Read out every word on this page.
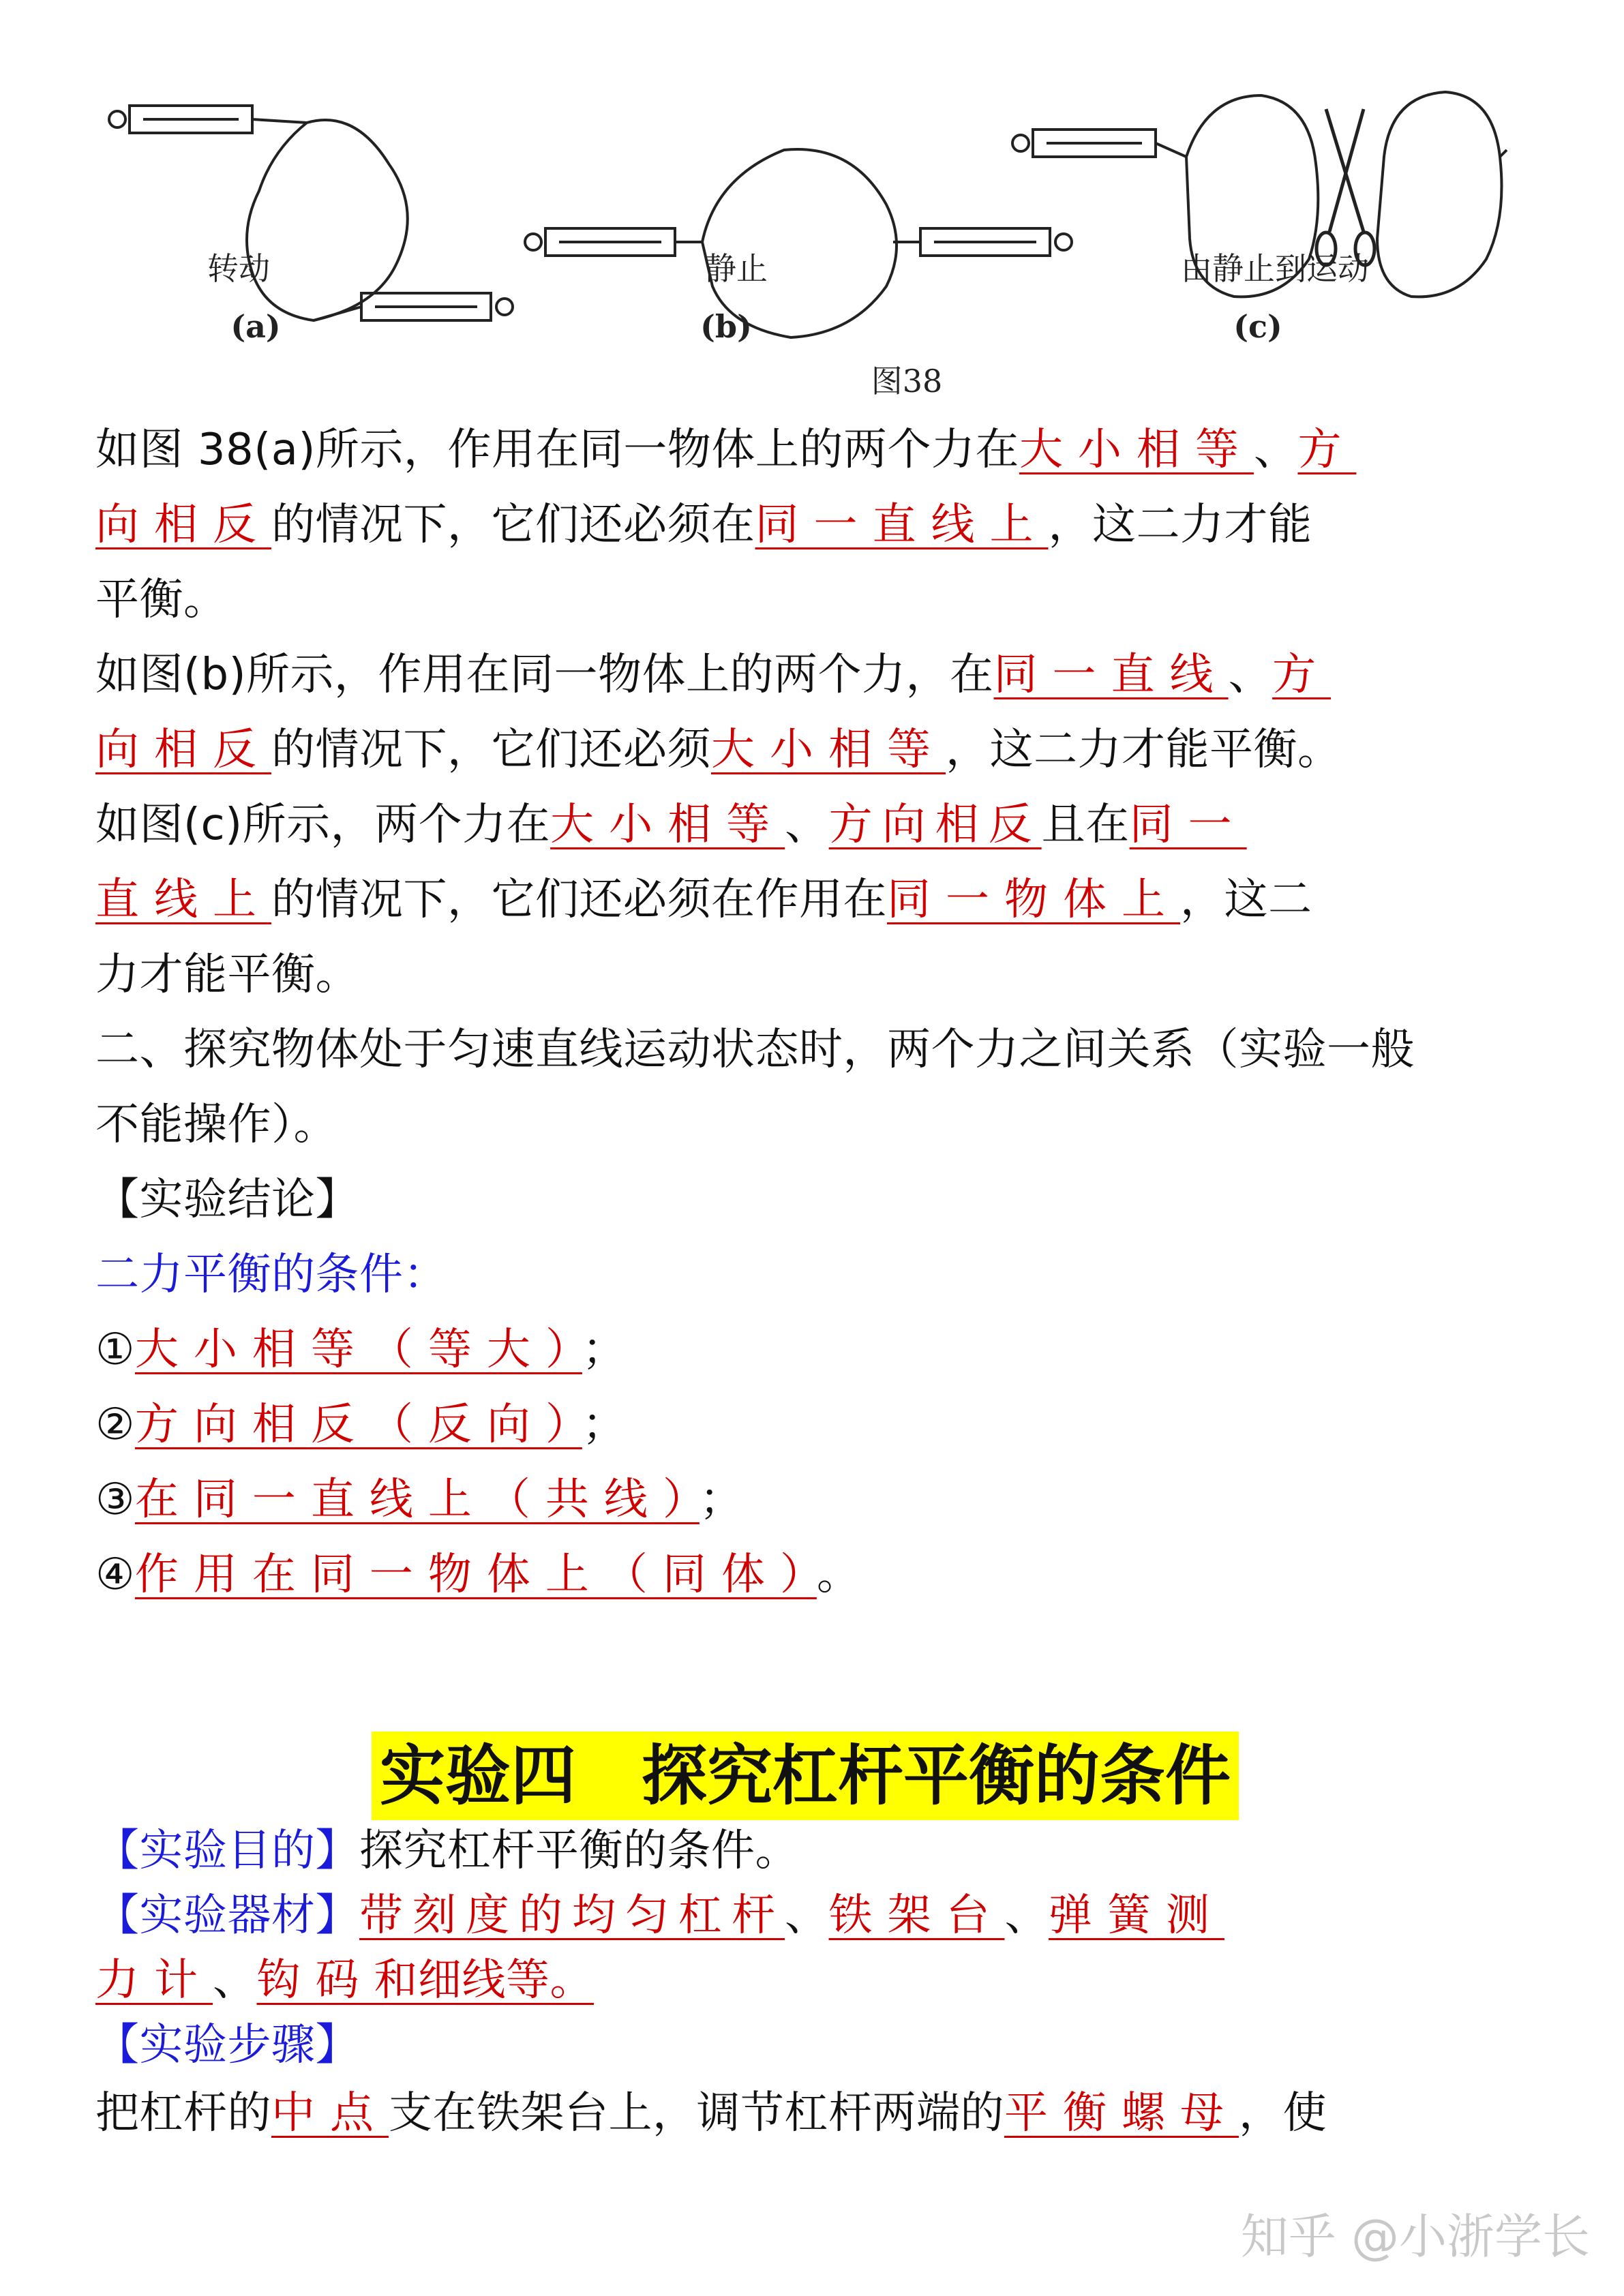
转动	静止	由静止到运动
(a)	(b)	(c)
图38
如图 38(a)所示，作用在同一物体上的两个力在大小相等、方
向相反的情况下，它们还必须在同一直线上，这二力才能
平衡。
如图(b)所示，作用在同一物体上的两个力，在同一直线、方
向相反的情况下，它们还必须大小相等，这二力才能平衡。
如图(c)所示，两个力在大小相等、方向相反且在同一
直线上的情况下，它们还必须在作用在同一物体上，这二
力才能平衡。
二、探究物体处于匀速直线运动状态时，两个力之间关系（实验一般
不能操作）。
【实验结论】
二力平衡的条件：
①大小相等（等大）；
②方向相反（反向）；
③在同一直线上（共线）；
④作用在同一物体上（同体）。
【实验目的】探究杠杆平衡的条件。
【实验器材】带刻度的均匀杠杆、铁架台、弹簧测
力计、钩码和细线等。
【实验步骤】
把杠杆的中点支在铁架台上，调节杠杆两端的平衡螺母，使
实验四　探究杠杆平衡的条件
知乎 @小浙学长
